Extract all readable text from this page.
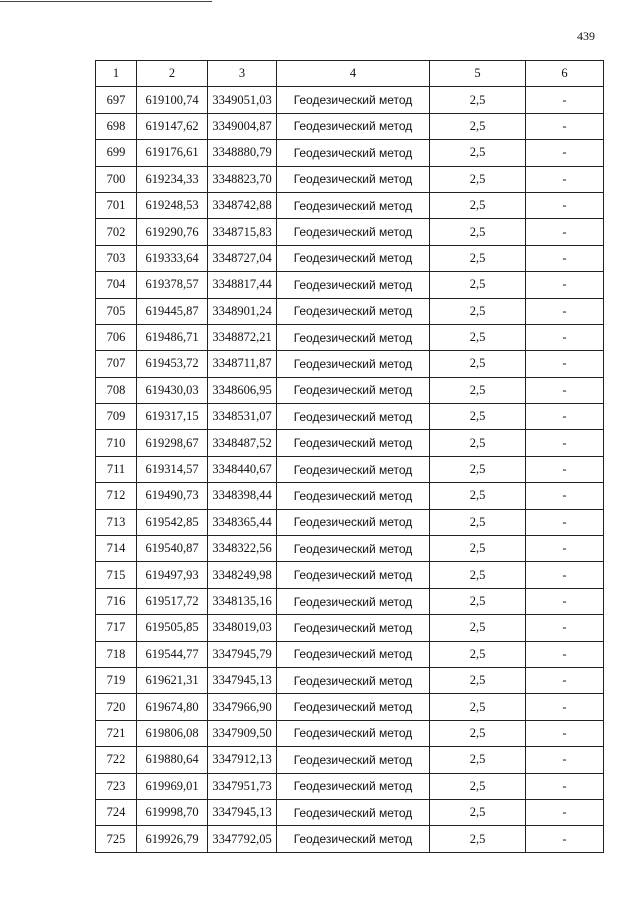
439
1	2	3	4	5	6
697	619100,74	3349051,03	Геодезический метод	2,5	-
698	619147,62	3349004,87	Геодезический метод	2,5	-
699	619176,61	3348880,79	Геодезический метод	2,5	-
700	619234,33	3348823,70	Геодезический метод	2,5	-
701	619248,53	3348742,88	Геодезический метод	2,5	-
702	619290,76	3348715,83	Геодезический метод	2,5	-
703	619333,64	3348727,04	Геодезический метод	2,5	-
704	619378,57	3348817,44	Геодезический метод	2,5	-
705	619445,87	3348901,24	Геодезический метод	2,5	-
706	619486,71	3348872,21	Геодезический метод	2,5	-
707	619453,72	3348711,87	Геодезический метод	2,5	-
708	619430,03	3348606,95	Геодезический метод	2,5	-
709	619317,15	3348531,07	Геодезический метод	2,5	-
710	619298,67	3348487,52	Геодезический метод	2,5	-
711	619314,57	3348440,67	Геодезический метод	2,5	-
712	619490,73	3348398,44	Геодезический метод	2,5	-
713	619542,85	3348365,44	Геодезический метод	2,5	-
714	619540,87	3348322,56	Геодезический метод	2,5	-
715	619497,93	3348249,98	Геодезический метод	2,5	-
716	619517,72	3348135,16	Геодезический метод	2,5	-
717	619505,85	3348019,03	Геодезический метод	2,5	-
718	619544,77	3347945,79	Геодезический метод	2,5	-
719	619621,31	3347945,13	Геодезический метод	2,5	-
720	619674,80	3347966,90	Геодезический метод	2,5	-
721	619806,08	3347909,50	Геодезический метод	2,5	-
722	619880,64	3347912,13	Геодезический метод	2,5	-
723	619969,01	3347951,73	Геодезический метод	2,5	-
724	619998,70	3347945,13	Геодезический метод	2,5	-
725	619926,79	3347792,05	Геодезический метод	2,5	-
